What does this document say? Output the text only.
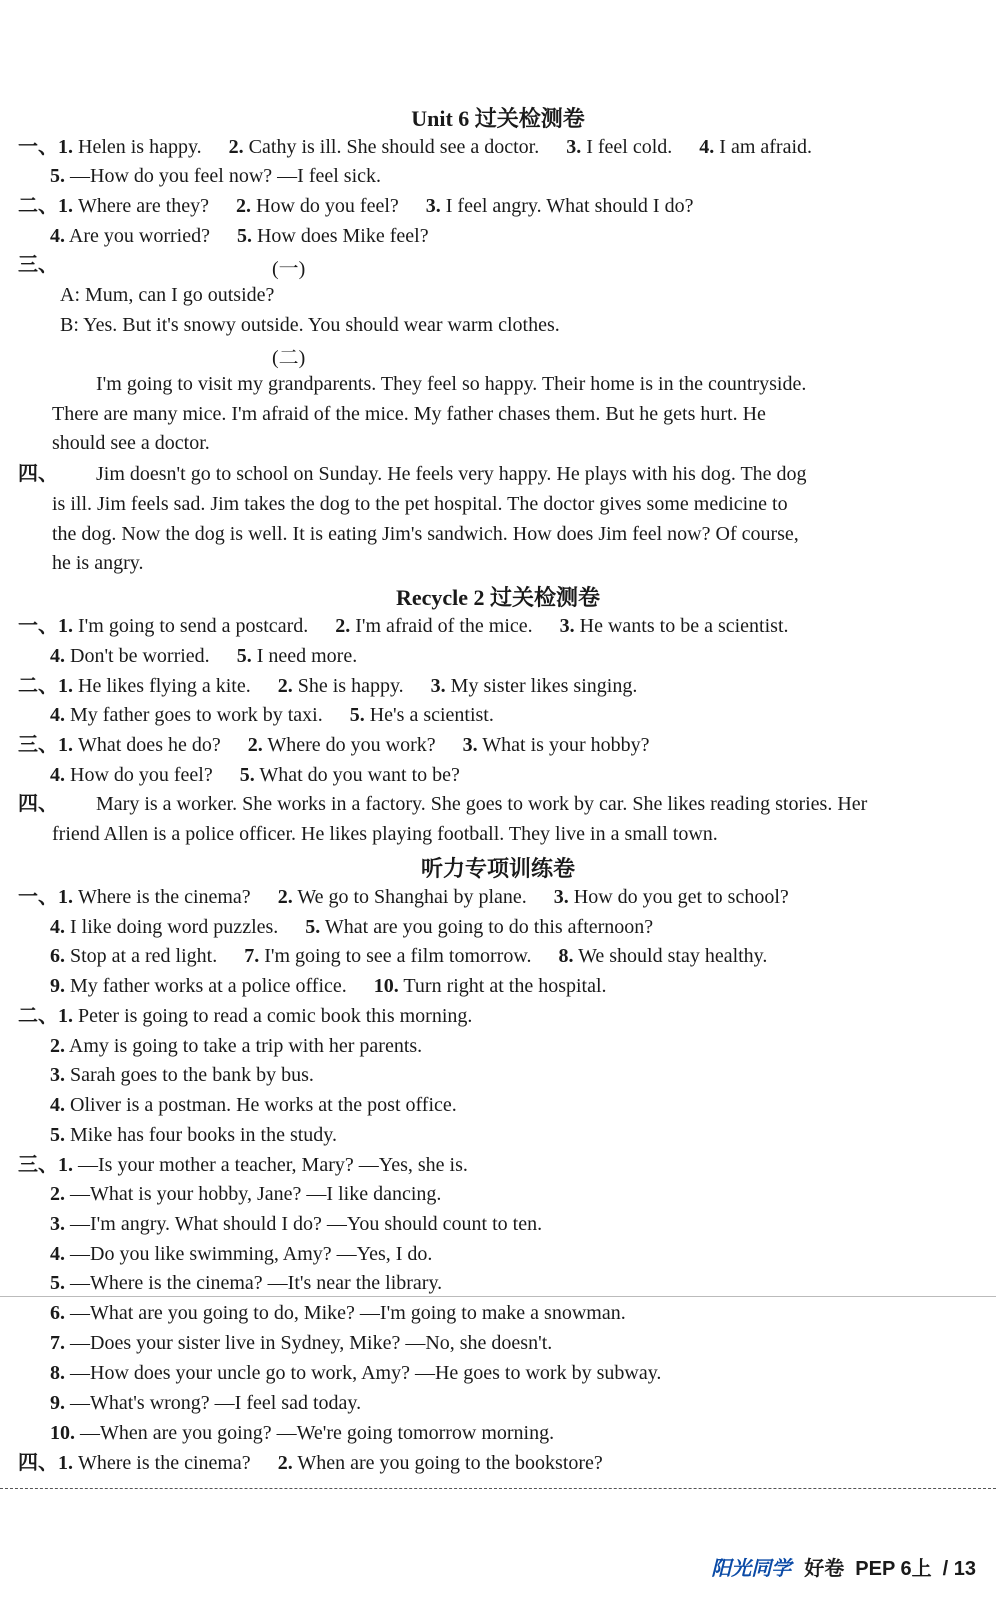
Unit 6 过关检测卷
一、1. Helen is happy. 2. Cathy is ill. She should see a doctor. 3. I feel cold. 4. I am afraid.
5. —How do you feel now? —I feel sick.
二、1. Where are they? 2. How do you feel? 3. I feel angry. What should I do?
4. Are you worried? 5. How does Mike feel?
三、	(一)
A: Mum, can I go outside?
B: Yes. But it's snowy outside. You should wear warm clothes.
(二)
I'm going to visit my grandparents. They feel so happy. Their home is in the countryside.
There are many mice. I'm afraid of the mice. My father chases them. But he gets hurt. He
should see a doctor.
四、 Jim doesn't go to school on Sunday. He feels very happy. He plays with his dog. The dog
is ill. Jim feels sad. Jim takes the dog to the pet hospital. The doctor gives some medicine to
the dog. Now the dog is well. It is eating Jim's sandwich. How does Jim feel now? Of course,
he is angry.
Recycle 2 过关检测卷
一、1. I'm going to send a postcard. 2. I'm afraid of the mice. 3. He wants to be a scientist.
4. Don't be worried. 5. I need more.
二、1. He likes flying a kite. 2. She is happy. 3. My sister likes singing.
4. My father goes to work by taxi. 5. He's a scientist.
三、1. What does he do? 2. Where do you work? 3. What is your hobby?
4. How do you feel? 5. What do you want to be?
四、 Mary is a worker. She works in a factory. She goes to work by car. She likes reading stories. Her
friend Allen is a police officer. He likes playing football. They live in a small town.
听力专项训练卷
一、1. Where is the cinema? 2. We go to Shanghai by plane. 3. How do you get to school?
4. I like doing word puzzles. 5. What are you going to do this afternoon?
6. Stop at a red light. 7. I'm going to see a film tomorrow. 8. We should stay healthy.
9. My father works at a police office. 10. Turn right at the hospital.
二、1. Peter is going to read a comic book this morning.
2. Amy is going to take a trip with her parents.
3. Sarah goes to the bank by bus.
4. Oliver is a postman. He works at the post office.
5. Mike has four books in the study.
三、1. —Is your mother a teacher, Mary? —Yes, she is.
2. —What is your hobby, Jane? —I like dancing.
3. —I'm angry. What should I do? —You should count to ten.
4. —Do you like swimming, Amy? —Yes, I do.
5. —Where is the cinema? —It's near the library.
6. —What are you going to do, Mike? —I'm going to make a snowman.
7. —Does your sister live in Sydney, Mike? —No, she doesn't.
8. —How does your uncle go to work, Amy? —He goes to work by subway.
9. —What's wrong? —I feel sad today.
10. —When are you going? —We're going tomorrow morning.
四、1. Where is the cinema? 2. When are you going to the bookstore?
阳光同学 好卷 PEP 6上 / 13
